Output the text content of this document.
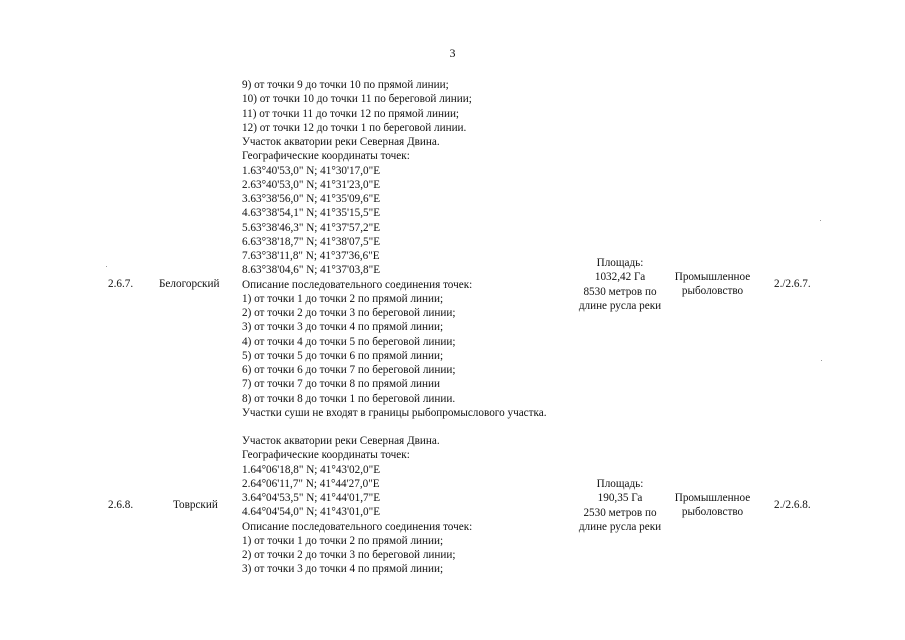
3
2.6.7. Белогорский
9) от точки 9 до точки 10 по прямой линии;
10) от точки 10 до точки 11 по береговой линии;
11) от точки 11 до точки 12 по прямой линии;
12) от точки 12 до точки 1 по береговой линии.
Участок акватории реки Северная Двина.
Географические координаты точек:
1.63°40'53,0" N; 41°30'17,0"E
2.63°40'53,0" N; 41°31'23,0"E
3.63°38'56,0" N; 41°35'09,6"E
4.63°38'54,1" N; 41°35'15,5"E
5.63°38'46,3" N; 41°37'57,2"E
6.63°38'18,7" N; 41°38'07,5"E
7.63°38'11,8" N; 41°37'36,6"E
8.63°38'04,6" N; 41°37'03,8"E
Описание последовательного соединения точек:
1) от точки 1 до точки 2 по прямой линии;
2) от точки 2 до точки 3 по береговой линии;
3) от точки 3 до точки 4 по прямой линии;
4) от точки 4 до точки 5 по береговой линии;
5) от точки 5 до точки 6 по прямой линии;
6) от точки 6 до точки 7 по береговой линии;
7) от точки 7 до точки 8 по прямой линии
8) от точки 8 до точки 1 по береговой линии.
Участки суши не входят в границы рыбопромыслового участка.
Площадь:
1032,42 Га
8530 метров по
длине русла реки
Промышленное
рыболовство
2./2.6.7.
2.6.8.	Товрский
Участок акватории реки Северная Двина.
Географические координаты точек:
1.64°06'18,8" N; 41°43'02,0"E
2.64°06'11,7" N; 41°44'27,0"E
3.64°04'53,5" N; 41°44'01,7"E
4.64°04'54,0" N; 41°43'01,0"E
Описание последовательного соединения точек:
1) от точки 1 до точки 2 по прямой линии;
2) от точки 2 до точки 3 по береговой линии;
3) от точки 3 до точки 4 по прямой линии;
Площадь:
190,35 Га
2530 метров по
длине русла реки
Промышленное
рыболовство
2./2.6.8.
